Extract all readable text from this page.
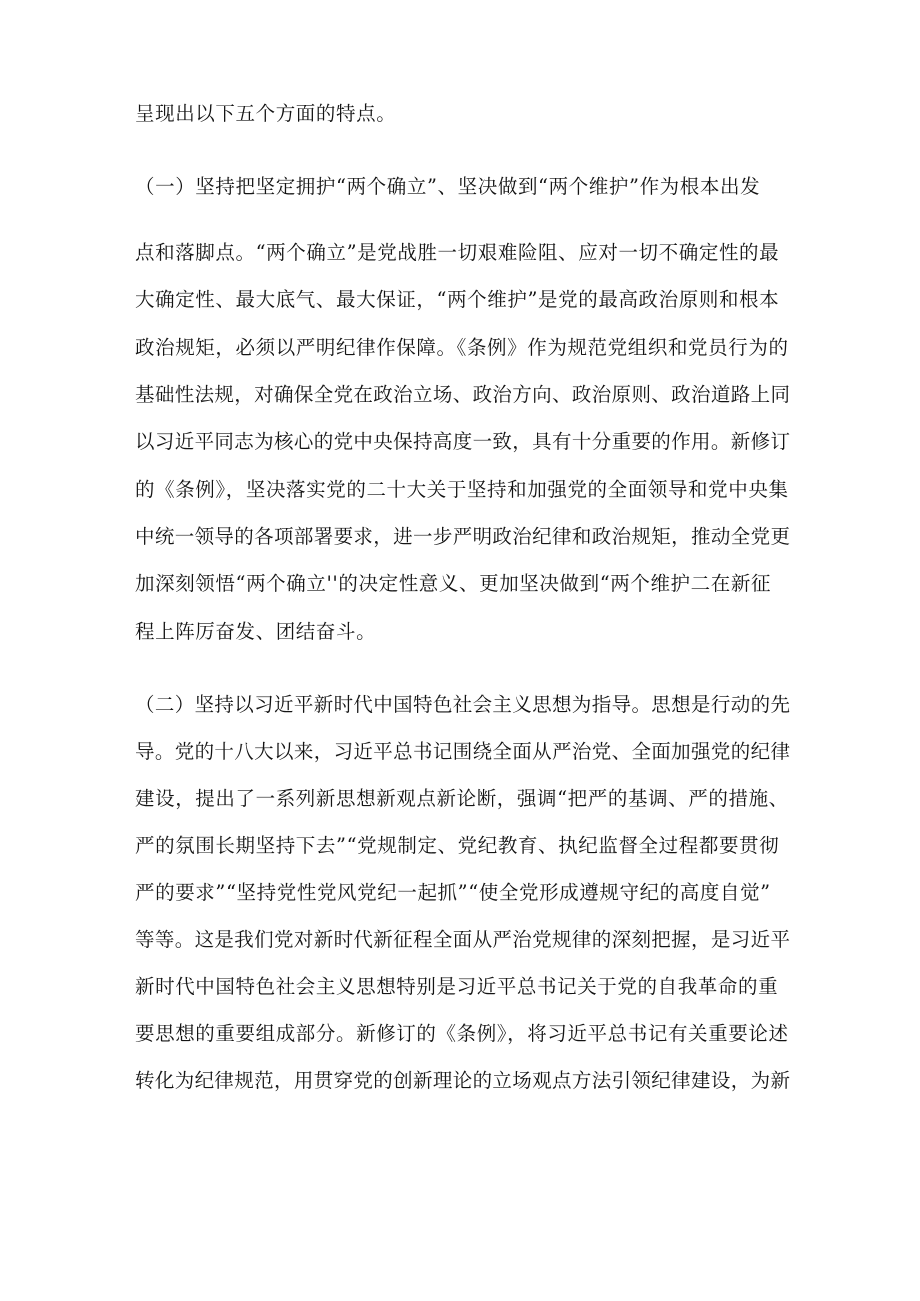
呈现出以下五个方面的特点。
（一）坚持把坚定拥护“两个确立”、坚决做到“两个维护”作为根本出发
点和落脚点。“两个确立”是党战胜一切艰难险阻、应对一切不确定性的最
大确定性、最大底气、最大保证，“两个维护”是党的最高政治原则和根本
政治规矩，必须以严明纪律作保障。《条例》作为规范党组织和党员行为的
基础性法规，对确保全党在政治立场、政治方向、政治原则、政治道路上同
以习近平同志为核心的党中央保持高度一致，具有十分重要的作用。新修订
的《条例》，坚决落实党的二十大关于坚持和加强党的全面领导和党中央集
中统一领导的各项部署要求，进一步严明政治纪律和政治规矩，推动全党更
加深刻领悟“两个确立''的决定性意义、更加坚决做到“两个维护二在新征
程上阵厉奋发、团结奋斗。
（二）坚持以习近平新时代中国特色社会主义思想为指导。思想是行动的先
导。党的十八大以来，习近平总书记围绕全面从严治党、全面加强党的纪律
建设，提出了一系列新思想新观点新论断，强调“把严的基调、严的措施、
严的氛围长期坚持下去”“党规制定、党纪教育、执纪监督全过程都要贯彻
严的要求”“坚持党性党风党纪一起抓”“使全党形成遵规守纪的高度自觉”
等等。这是我们党对新时代新征程全面从严治党规律的深刻把握，是习近平
新时代中国特色社会主义思想特别是习近平总书记关于党的自我革命的重
要思想的重要组成部分。新修订的《条例》，将习近平总书记有关重要论述
转化为纪律规范，用贯穿党的创新理论的立场观点方法引领纪律建设，为新
